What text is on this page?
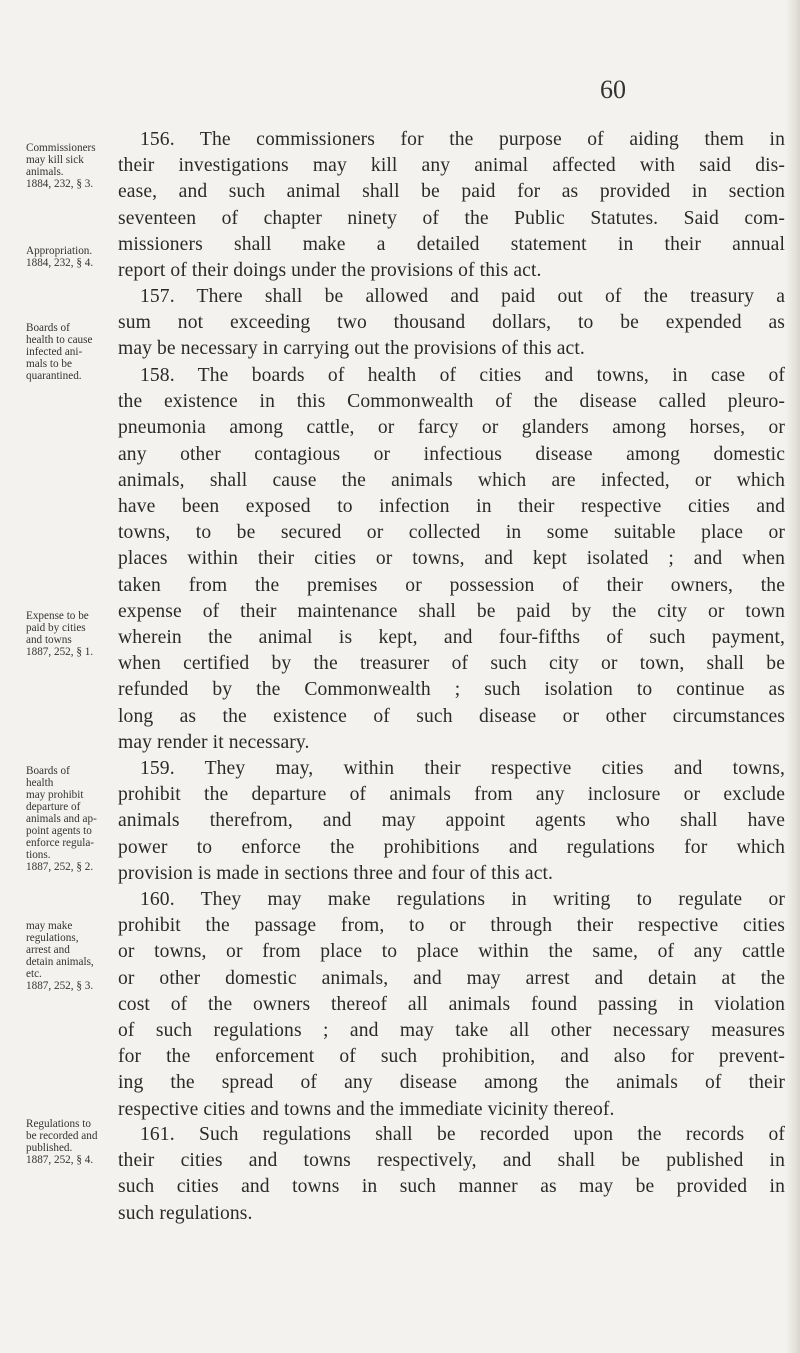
60
Commissioners
may kill sick
animals.
1884, 232, § 3.
Appropriation.
1884, 232, § 4.
Boards of
health to cause
infected ani-
mals to be
quarantined.
Expense to be
paid by cities
and towns
1887, 252, § 1.
Boards of
health
may prohibit
departure of
animals and ap-
point agents to
enforce regula-
tions.
1887, 252, § 2.
may make
regulations,
arrest and
detain animals,
etc.
1887, 252, § 3.
Regulations to
be recorded and
published.
1887, 252, § 4.
156. The commissioners for the purpose of aiding them in
their investigations may kill any animal affected with said dis-
ease, and such animal shall be paid for as provided in section
seventeen of chapter ninety of the Public Statutes. Said com-
missioners shall make a detailed statement in their annual
report of their doings under the provisions of this act.
157. There shall be allowed and paid out of the treasury a
sum not exceeding two thousand dollars, to be expended as
may be necessary in carrying out the provisions of this act.
158. The boards of health of cities and towns, in case of
the existence in this Commonwealth of the disease called pleuro-
pneumonia among cattle, or farcy or glanders among horses, or
any other contagious or infectious disease among domestic
animals, shall cause the animals which are infected, or which
have been exposed to infection in their respective cities and
towns, to be secured or collected in some suitable place or
places within their cities or towns, and kept isolated ; and when
taken from the premises or possession of their owners, the
expense of their maintenance shall be paid by the city or town
wherein the animal is kept, and four-fifths of such payment,
when certified by the treasurer of such city or town, shall be
refunded by the Commonwealth ; such isolation to continue as
long as the existence of such disease or other circumstances
may render it necessary.
159. They may, within their respective cities and towns,
prohibit the departure of animals from any inclosure or exclude
animals therefrom, and may appoint agents who shall have
power to enforce the prohibitions and regulations for which
provision is made in sections three and four of this act.
160. They may make regulations in writing to regulate or
prohibit the passage from, to or through their respective cities
or towns, or from place to place within the same, of any cattle
or other domestic animals, and may arrest and detain at the
cost of the owners thereof all animals found passing in violation
of such regulations ; and may take all other necessary measures
for the enforcement of such prohibition, and also for prevent-
ing the spread of any disease among the animals of their
respective cities and towns and the immediate vicinity thereof.
161. Such regulations shall be recorded upon the records of
their cities and towns respectively, and shall be published in
such cities and towns in such manner as may be provided in
such regulations.
